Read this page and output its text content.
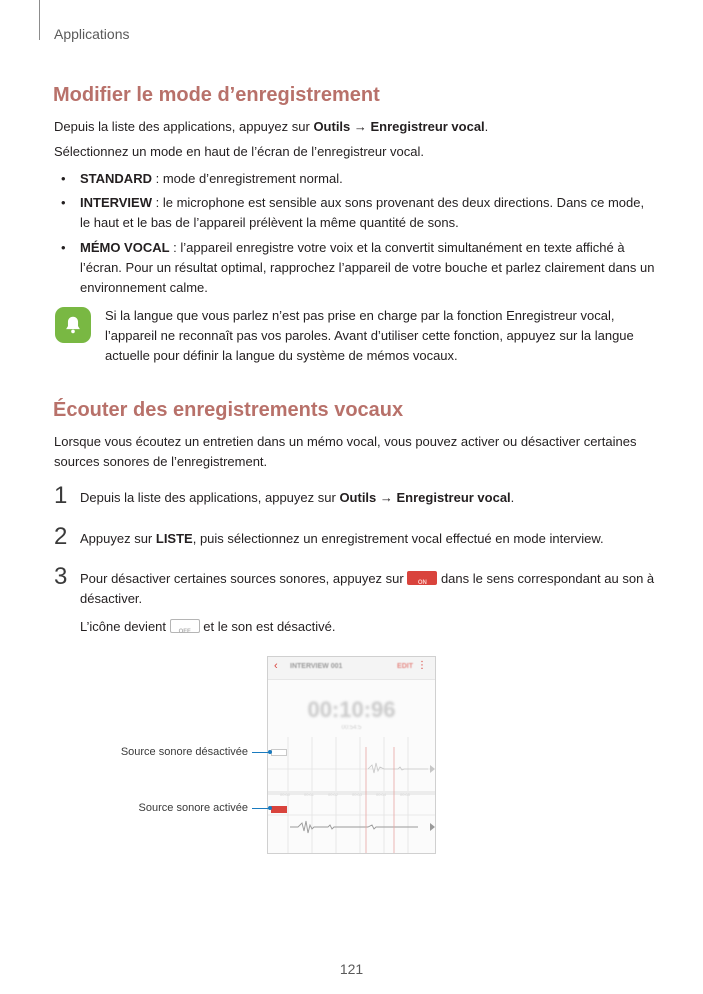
Applications
Modifier le mode d’enregistrement
Depuis la liste des applications, appuyez sur Outils → Enregistreur vocal.
Sélectionnez un mode en haut de l’écran de l’enregistreur vocal.
• STANDARD : mode d’enregistrement normal.
• INTERVIEW : le microphone est sensible aux sons provenant des deux directions. Dans ce mode, le haut et le bas de l’appareil prélèvent la même quantité de sons.
• MÉMO VOCAL : l’appareil enregistre votre voix et la convertit simultanément en texte affiché à l’écran. Pour un résultat optimal, rapprochez l’appareil de votre bouche et parlez clairement dans un environnement calme.
Si la langue que vous parlez n’est pas prise en charge par la fonction Enregistreur vocal, l’appareil ne reconnaît pas vos paroles. Avant d’utiliser cette fonction, appuyez sur la langue actuelle pour définir la langue du système de mémos vocaux.
Écouter des enregistrements vocaux
Lorsque vous écoutez un entretien dans un mémo vocal, vous pouvez activer ou désactiver certaines sources sonores de l’enregistrement.
1 Depuis la liste des applications, appuyez sur Outils → Enregistreur vocal.
2 Appuyez sur LISTE, puis sélectionnez un enregistrement vocal effectué en mode interview.
3 Pour désactiver certaines sources sonores, appuyez sur	ON dans le sens correspondant au son à désactiver.
L’icône devient	OFF et le son est désactivé.
‹ INTERVIEW 001	EDIT ⋮
00:10:96
00:54:5
00:00	00:01	00:02	00:03	00:04	00:05
Source sonore désactivée
Source sonore activée
121
